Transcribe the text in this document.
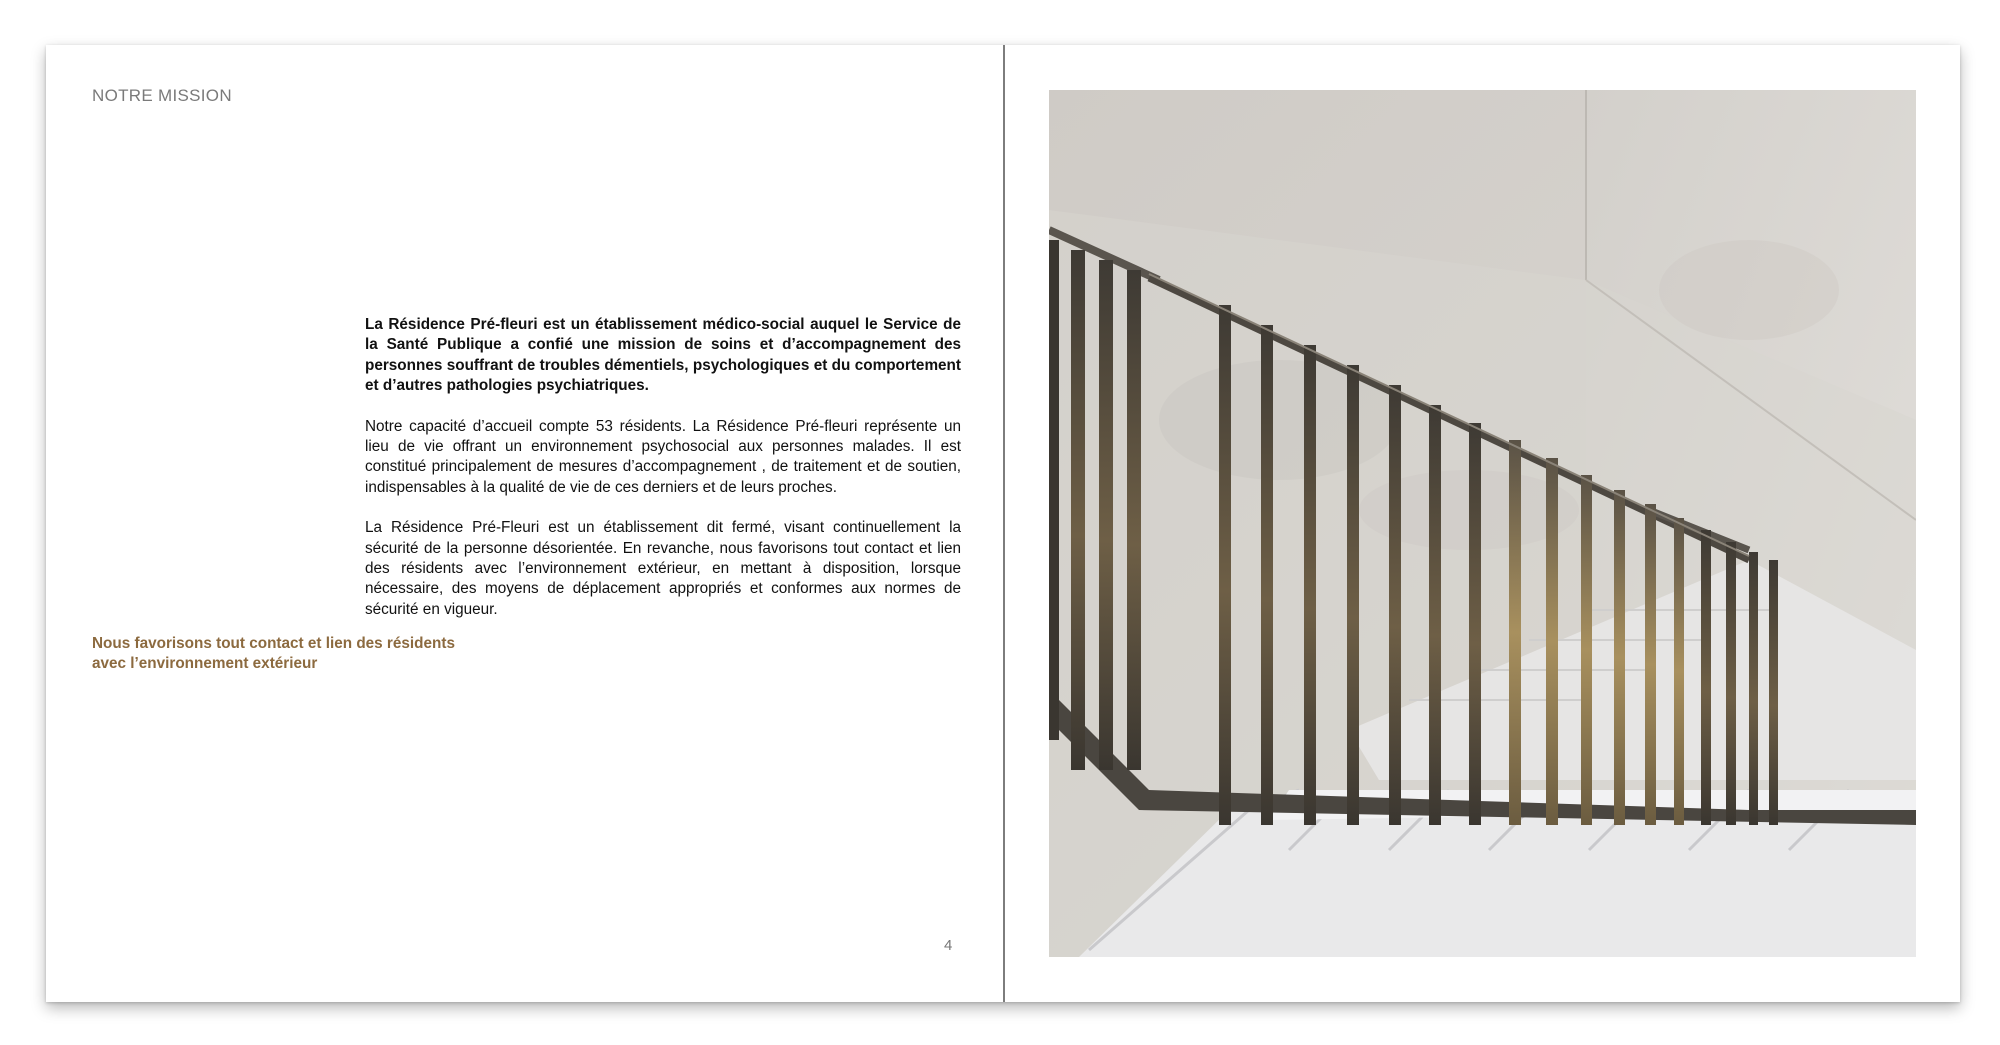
NOTRE MISSION

La Résidence Pré-fleuri est un établissement médico-social auquel le Service de la Santé Publique a confié une mission de soins et d’accompagnement des personnes souffrant de troubles démentiels, psychologiques et du comportement et d’autres pathologies psychiatriques.

Notre capacité d’accueil compte 53 résidents. La Résidence Pré-fleuri représente un lieu de vie offrant un environnement psychosocial aux personnes malades. Il est constitué principalement de mesures d’accompagnement , de traitement et de soutien, indispensables à la qualité de vie de ces derniers et de leurs proches.

La Résidence Pré-Fleuri est un établissement dit fermé, visant continuellement la sécurité de la personne désorientée. En revanche, nous favorisons tout contact et lien des résidents avec l’environnement extérieur, en mettant à disposition, lorsque nécessaire, des moyens de déplacement appropriés et conformes aux normes de sécurité en vigueur.

Nous favorisons tout contact et lien des résidents avec l’environnement extérieur
4
